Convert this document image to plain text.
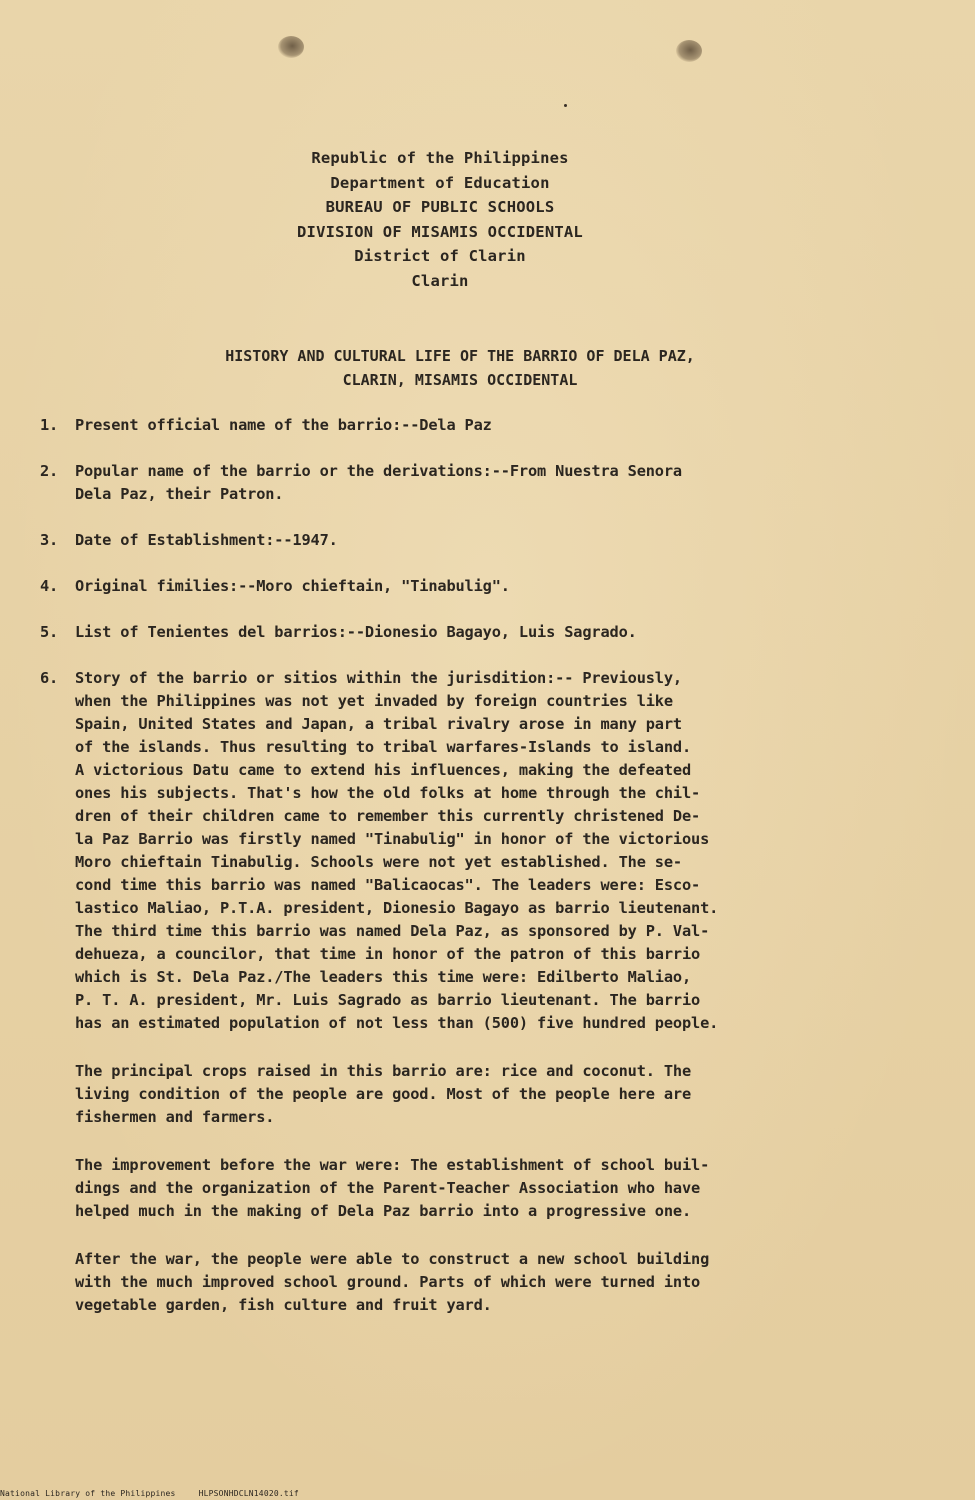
Republic of the Philippines
Department of Education
BUREAU OF PUBLIC SCHOOLS
DIVISION OF MISAMIS OCCIDENTAL
District of Clarin
Clarin
HISTORY AND CULTURAL LIFE OF THE BARRIO OF DELA PAZ,
CLARIN, MISAMIS OCCIDENTAL
1. Present official name of the barrio:--Dela Paz
2. Popular name of the barrio or the derivations:--From Nuestra Senora
Dela Paz, their Patron.
3. Date of Establishment:--1947.
4. Original fimilies:--Moro chieftain, "Tinabulig".
5. List of Tenientes del barrios:--Dionesio Bagayo, Luis Sagrado.
6. Story of the barrio or sitios within the jurisdition:-- Previously,
when the Philippines was not yet invaded by foreign countries like
Spain, United States and Japan, a tribal rivalry arose in many part
of the islands. Thus resulting to tribal warfares-Islands to island.
A victorious Datu came to extend his influences, making the defeated
ones his subjects. That's how the old folks at home through the chil-
dren of their children came to remember this currently christened De-
la Paz Barrio was firstly named "Tinabulig" in honor of the victorious
Moro chieftain Tinabulig. Schools were not yet established. The se-
cond time this barrio was named "Balicaocas". The leaders were: Esco-
lastico Maliao, P.T.A. president, Dionesio Bagayo as barrio lieutenant.
The third time this barrio was named Dela Paz, as sponsored by P. Val-
dehueza, a councilor, that time in honor of the patron of this barrio
which is St. Dela Paz./The leaders this time were: Edilberto Maliao,
P. T. A. president, Mr. Luis Sagrado as barrio lieutenant. The barrio
has an estimated population of not less than (500) five hundred people.
The principal crops raised in this barrio are: rice and coconut. The
living condition of the people are good. Most of the people here are
fishermen and farmers.
The improvement before the war were: The establishment of school buil-
dings and the organization of the Parent-Teacher Association who have
helped much in the making of Dela Paz barrio into a progressive one.
After the war, the people were able to construct a new school building
with the much improved school ground. Parts of which were turned into
vegetable garden, fish culture and fruit yard.
National Library of the Philippines	HLPSONHDCLN14020.tif
